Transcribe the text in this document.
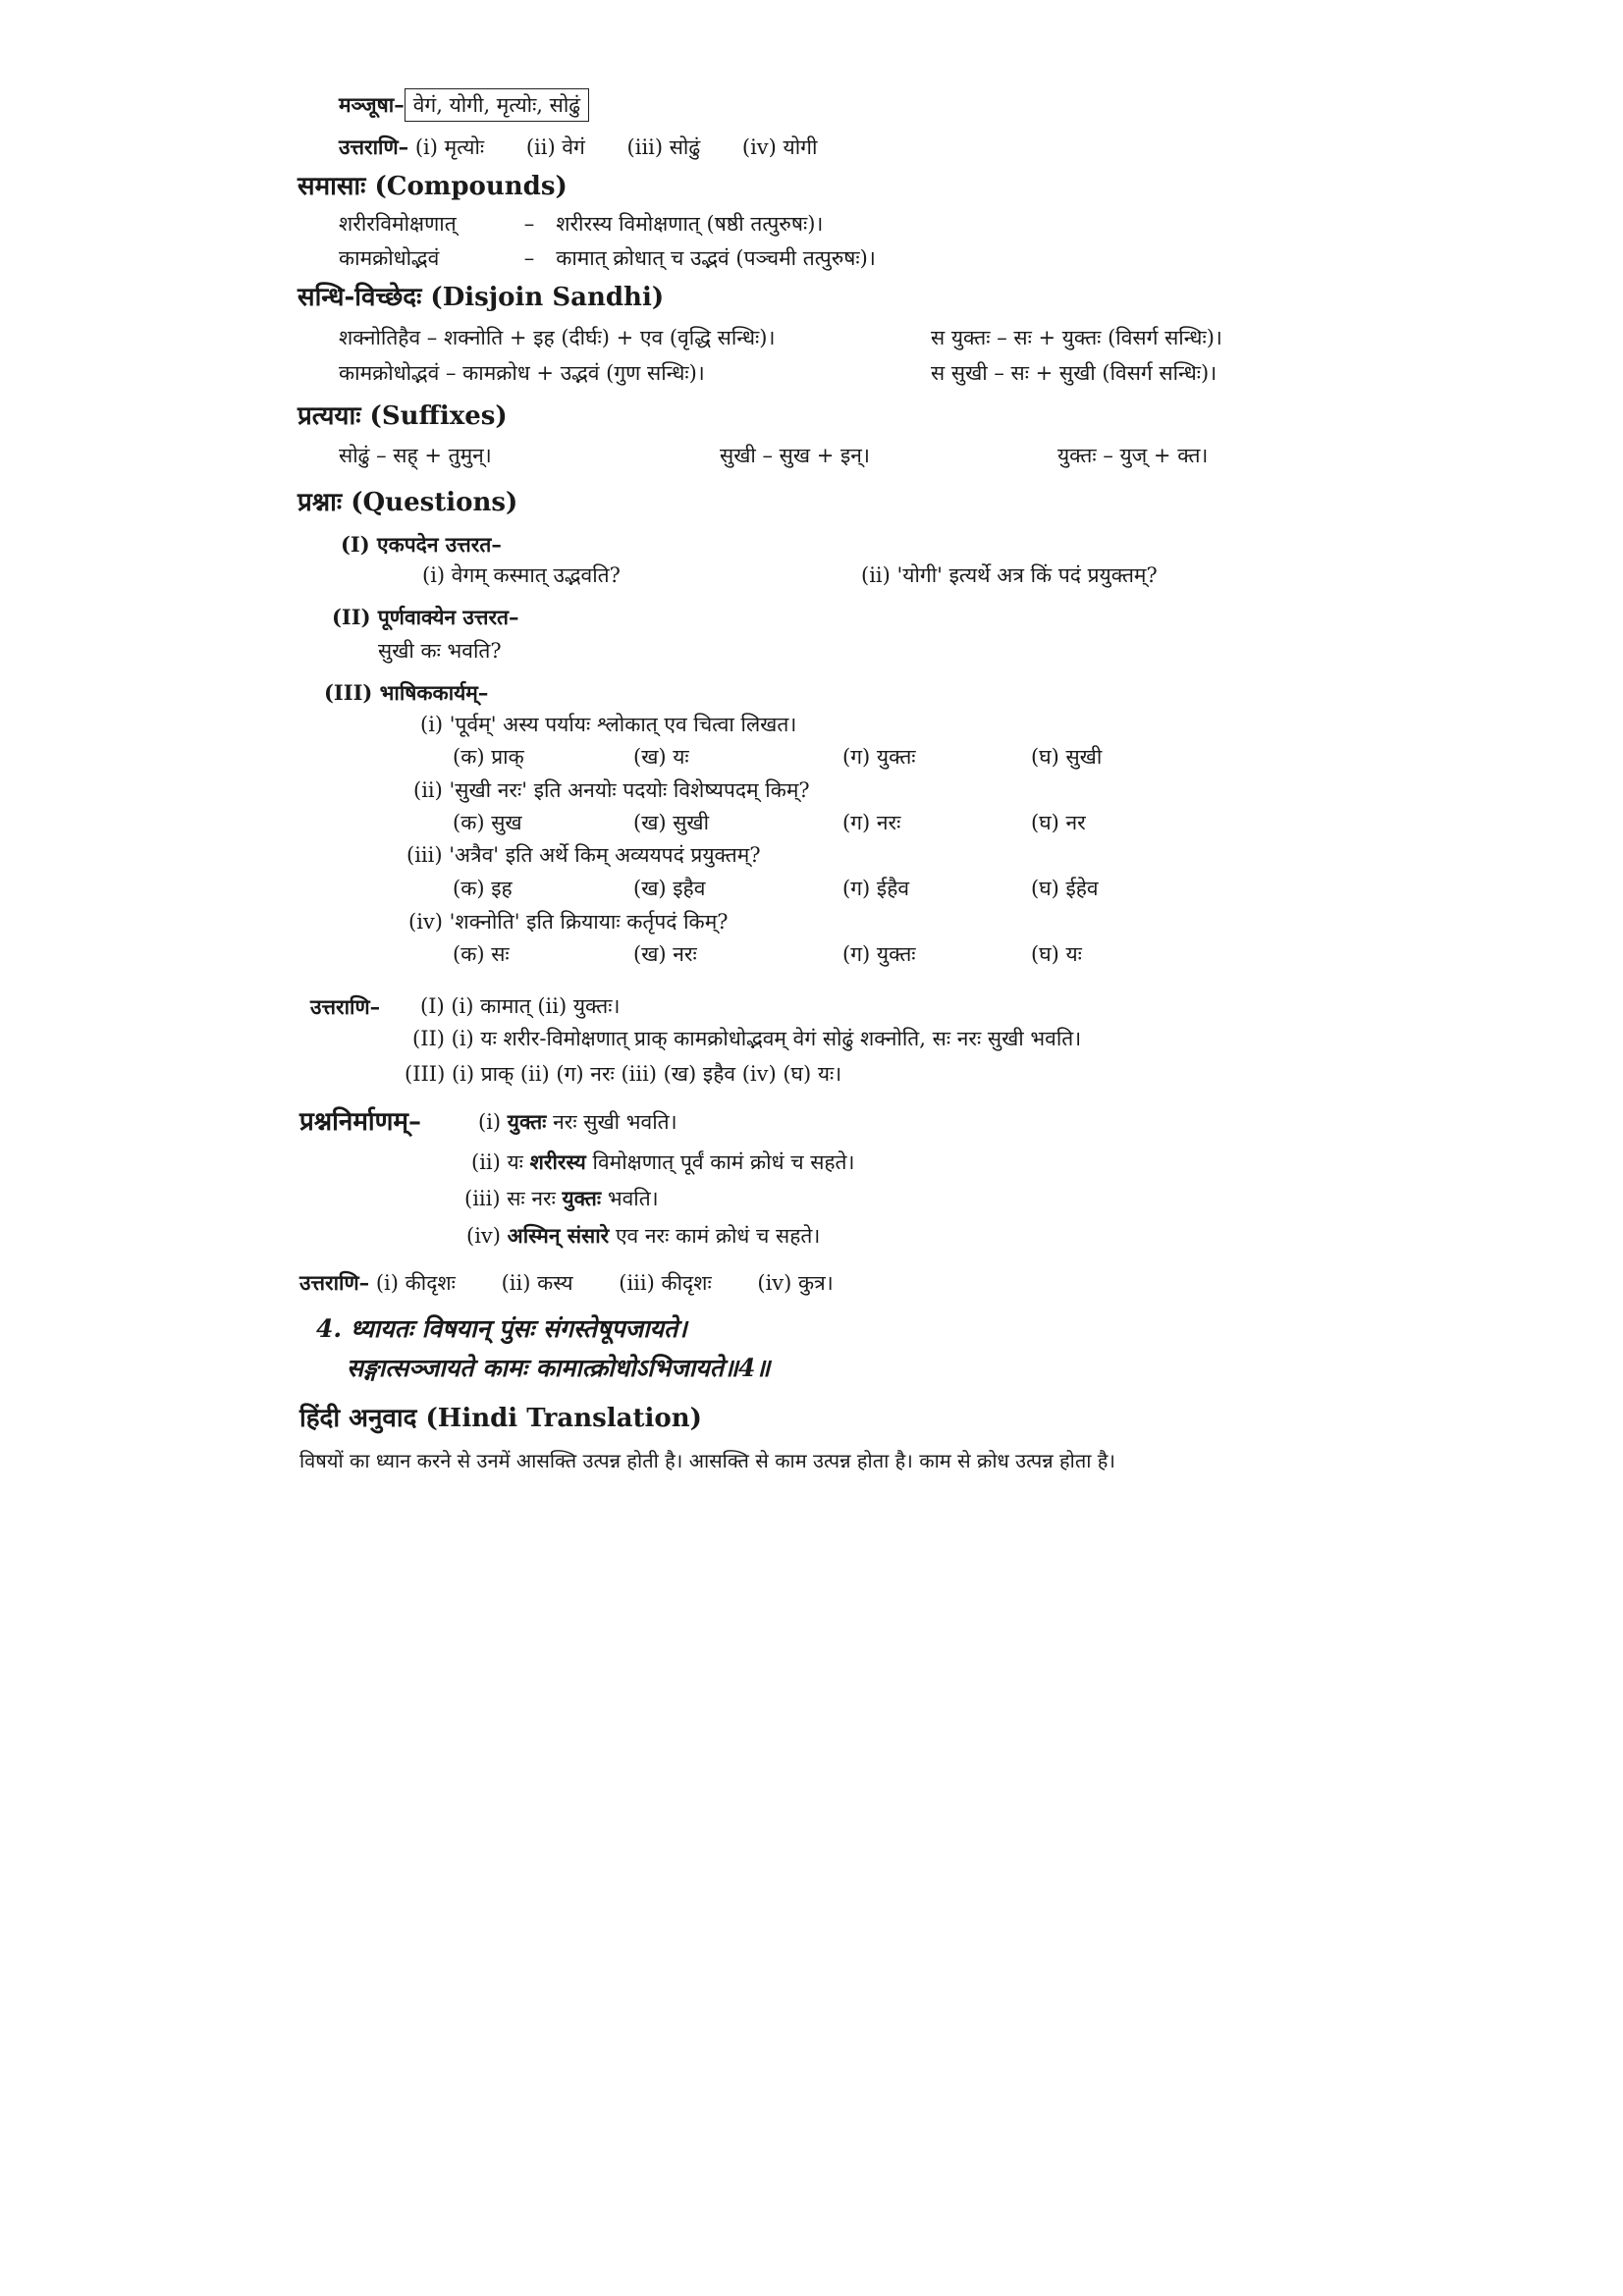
मञ्जूषा– वेगं, योगी, मृत्योः, सोढुं
उत्तराणि– (i) मृत्योः (ii) वेगं (iii) सोढुं (iv) योगी
समासाः (Compounds)
शरीरविमोक्षणात्	– शरीरस्य विमोक्षणात् (षष्ठी तत्पुरुषः)।
कामक्रोधोद्भवं	– कामात् क्रोधात् च उद्भवं (पञ्चमी तत्पुरुषः)।
सन्धि-विच्छेदः (Disjoin Sandhi)
शक्नोतिहैव – शक्नोति + इह (दीर्घः) + एव (वृद्धि सन्धिः)।	स युक्तः – सः + युक्तः (विसर्ग सन्धिः)।
कामक्रोधोद्भवं – कामक्रोध + उद्भवं (गुण सन्धिः)।	स सुखी – सः + सुखी (विसर्ग सन्धिः)।
प्रत्ययाः (Suffixes)
सोढुं – सह् + तुमुन्।	सुखी – सुख + इन्।	युक्तः – युज् + क्त।
प्रश्नाः (Questions)
(I) एकपदेन उत्तरत–
(i) वेगम् कस्मात् उद्भवति?	(ii) 'योगी' इत्यर्थे अत्र किं पदं प्रयुक्तम्?
(II) पूर्णवाक्येन उत्तरत–
सुखी कः भवति?
(III) भाषिककार्यम्–
(i) 'पूर्वम्' अस्य पर्यायः श्लोकात् एव चित्वा लिखत।
(क) प्राक्	(ख) यः	(ग) युक्तः	(घ) सुखी
(ii) 'सुखी नरः' इति अनयोः पदयोः विशेष्यपदम् किम्?
(क) सुख	(ख) सुखी	(ग) नरः	(घ) नर
(iii) 'अत्रैव' इति अर्थे किम् अव्ययपदं प्रयुक्तम्?
(क) इह	(ख) इहैव	(ग) ईहैव	(घ) ईहेव
(iv) 'शक्नोति' इति क्रियायाः कर्तृपदं किम्?
(क) सः	(ख) नरः	(ग) युक्तः	(घ) यः
उत्तराणि– (I) (i) कामात् (ii) युक्तः।
(II) (i) यः शरीर-विमोक्षणात् प्राक् कामक्रोधोद्भवम् वेगं सोढुं शक्नोति, सः नरः सुखी भवति।
(III) (i) प्राक् (ii) (ग) नरः (iii) (ख) इहैव (iv) (घ) यः।
प्रश्ननिर्माणम्–	(i) युक्तः नरः सुखी भवति।
(ii) यः शरीरस्य विमोक्षणात् पूर्वं कामं क्रोधं च सहते।
(iii) सः नरः युक्तः भवति।
(iv) अस्मिन् संसारे एव नरः कामं क्रोधं च सहते।
उत्तराणि– (i) कीदृशः (ii) कस्य (iii) कीदृशः (iv) कुत्र।
4. ध्यायतः विषयान् पुंसः संगस्तेषूपजायते।
सङ्गात्सञ्जायते कामः कामात्क्रोधोऽभिजायते॥4॥
हिंदी अनुवाद (Hindi Translation)
विषयों का ध्यान करने से उनमें आसक्ति उत्पन्न होती है। आसक्ति से काम उत्पन्न होता है। काम से क्रोध उत्पन्न होता है।
